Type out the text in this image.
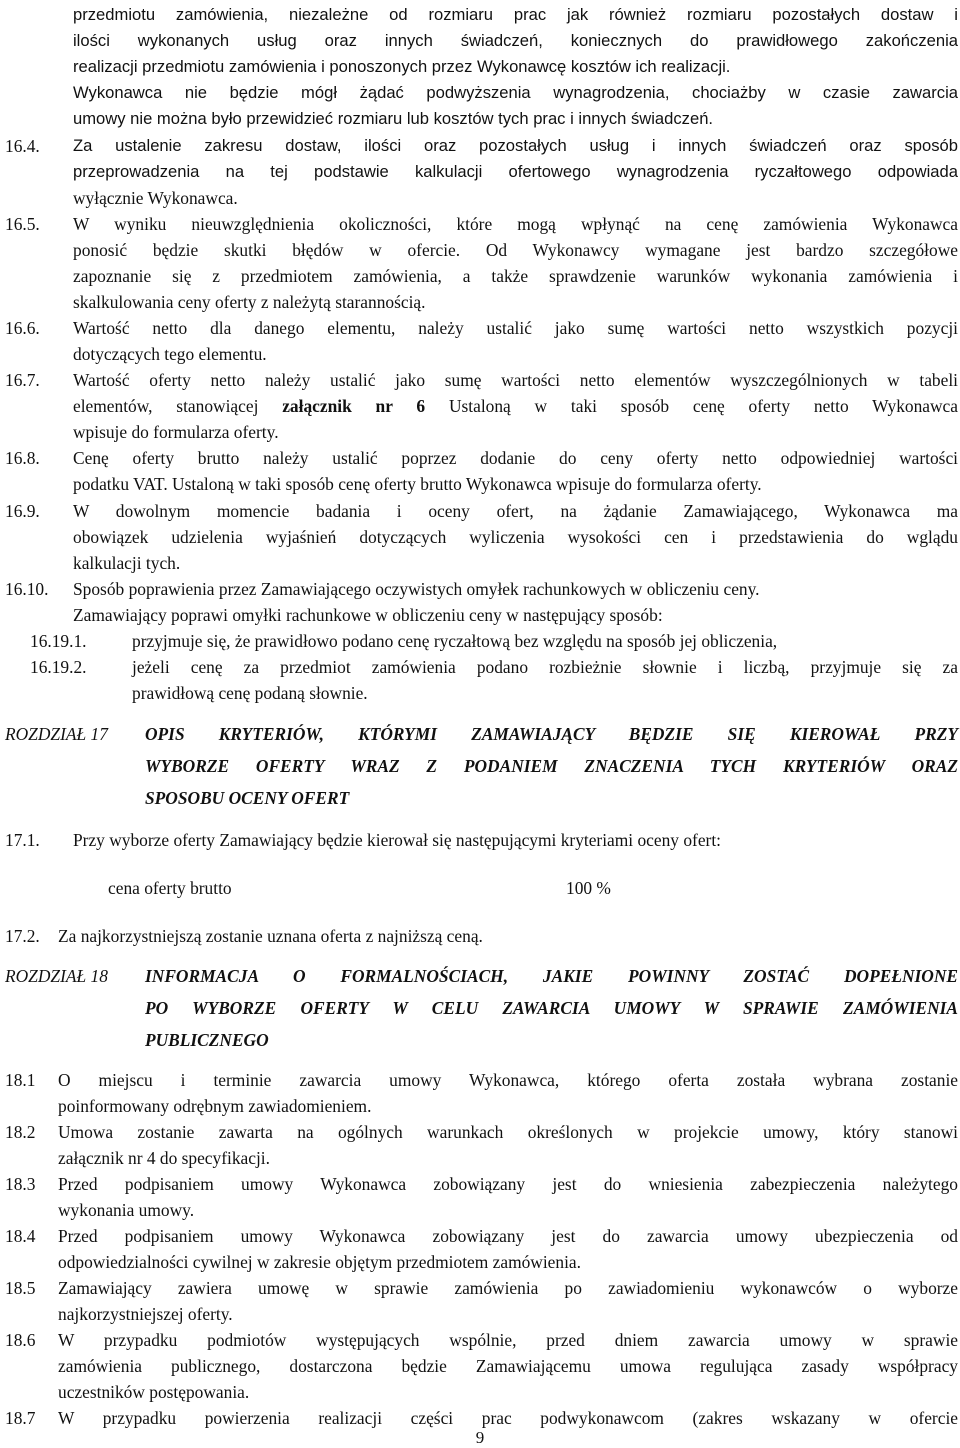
przedmiotu zamówienia, niezależne od rozmiaru prac jak również rozmiaru pozostałych dostaw i
ilości wykonanych usług oraz innych świadczeń, koniecznych do prawidłowego zakończenia
realizacji przedmiotu zamówienia i ponoszonych przez Wykonawcę kosztów ich realizacji.
Wykonawca nie będzie mógł żądać podwyższenia wynagrodzenia, chociażby w czasie zawarcia
umowy nie można było przewidzieć rozmiaru lub kosztów tych prac i innych świadczeń.
16.4. Za ustalenie zakresu dostaw, ilości oraz pozostałych usług i innych świadczeń oraz sposób
przeprowadzenia na tej podstawie kalkulacji ofertowego wynagrodzenia ryczałtowego odpowiada
wyłącznie Wykonawca.
16.5. W wyniku nieuwzględnienia okoliczności, które mogą wpłynąć na cenę zamówienia Wykonawca
ponosić będzie skutki błędów w ofercie. Od Wykonawcy wymagane jest bardzo szczegółowe
zapoznanie się z przedmiotem zamówienia, a także sprawdzenie warunków wykonania zamówienia i
skalkulowania ceny oferty z należytą starannością.
16.6. Wartość netto dla danego elementu, należy ustalić jako sumę wartości netto wszystkich pozycji
dotyczących tego elementu.
16.7. Wartość oferty netto należy ustalić jako sumę wartości netto elementów wyszczególnionych w tabeli
elementów, stanowiącej załącznik nr 6 Ustaloną w taki sposób cenę oferty netto Wykonawca
wpisuje do formularza oferty.
16.8. Cenę oferty brutto należy ustalić poprzez dodanie do ceny oferty netto odpowiedniej wartości
podatku VAT. Ustaloną w taki sposób cenę oferty brutto Wykonawca wpisuje do formularza oferty.
16.9. W dowolnym momencie badania i oceny ofert, na żądanie Zamawiającego, Wykonawca ma
obowiązek udzielenia wyjaśnień dotyczących wyliczenia wysokości cen i przedstawienia do wglądu
kalkulacji tych.
16.10. Sposób poprawienia przez Zamawiającego oczywistych omyłek rachunkowych w obliczeniu ceny.
Zamawiający poprawi omyłki rachunkowe w obliczeniu ceny w następujący sposób:
16.19.1.	przyjmuje się, że prawidłowo podano cenę ryczałtową bez względu na sposób jej obliczenia,
16.19.2.	jeżeli cenę za przedmiot zamówienia podano rozbieżnie słownie i liczbą, przyjmuje się za
prawidłową cenę podaną słownie.
ROZDZIAŁ 17 OPIS KRYTERIÓW, KTÓRYMI ZAMAWIAJĄCY BĘDZIE SIĘ KIEROWAŁ PRZY
WYBORZE OFERTY WRAZ Z PODANIEM ZNACZENIA TYCH KRYTERIÓW ORAZ
SPOSOBU OCENY OFERT
17.1. Przy wyborze oferty Zamawiający będzie kierował się następującymi kryteriami oceny ofert:
cena oferty brutto	100 %
17.2. Za najkorzystniejszą zostanie uznana oferta z najniższą ceną.
ROZDZIAŁ 18 INFORMACJA O FORMALNOŚCIACH, JAKIE POWINNY ZOSTAĆ DOPEŁNIONE
PO WYBORZE OFERTY W CELU ZAWARCIA UMOWY W SPRAWIE ZAMÓWIENIA
PUBLICZNEGO
18.1 O miejscu i terminie zawarcia umowy Wykonawca, którego oferta została wybrana zostanie
poinformowany odrębnym zawiadomieniem.
18.2 Umowa zostanie zawarta na ogólnych warunkach określonych w projekcie umowy, który stanowi
załącznik nr 4 do specyfikacji.
18.3 Przed podpisaniem umowy Wykonawca zobowiązany jest do wniesienia zabezpieczenia należytego
wykonania umowy.
18.4 Przed podpisaniem umowy Wykonawca zobowiązany jest do zawarcia umowy ubezpieczenia od
odpowiedzialności cywilnej w zakresie objętym przedmiotem zamówienia.
18.5 Zamawiający zawiera umowę w sprawie zamówienia po zawiadomieniu wykonawców o wyborze
najkorzystniejszej oferty.
18.6 W przypadku podmiotów występujących wspólnie, przed dniem zawarcia umowy w sprawie
zamówienia publicznego, dostarczona będzie Zamawiającemu umowa regulująca zasady współpracy
uczestników postępowania.
18.7 W przypadku powierzenia realizacji części prac podwykonawcom (zakres wskazany w ofercie
9
